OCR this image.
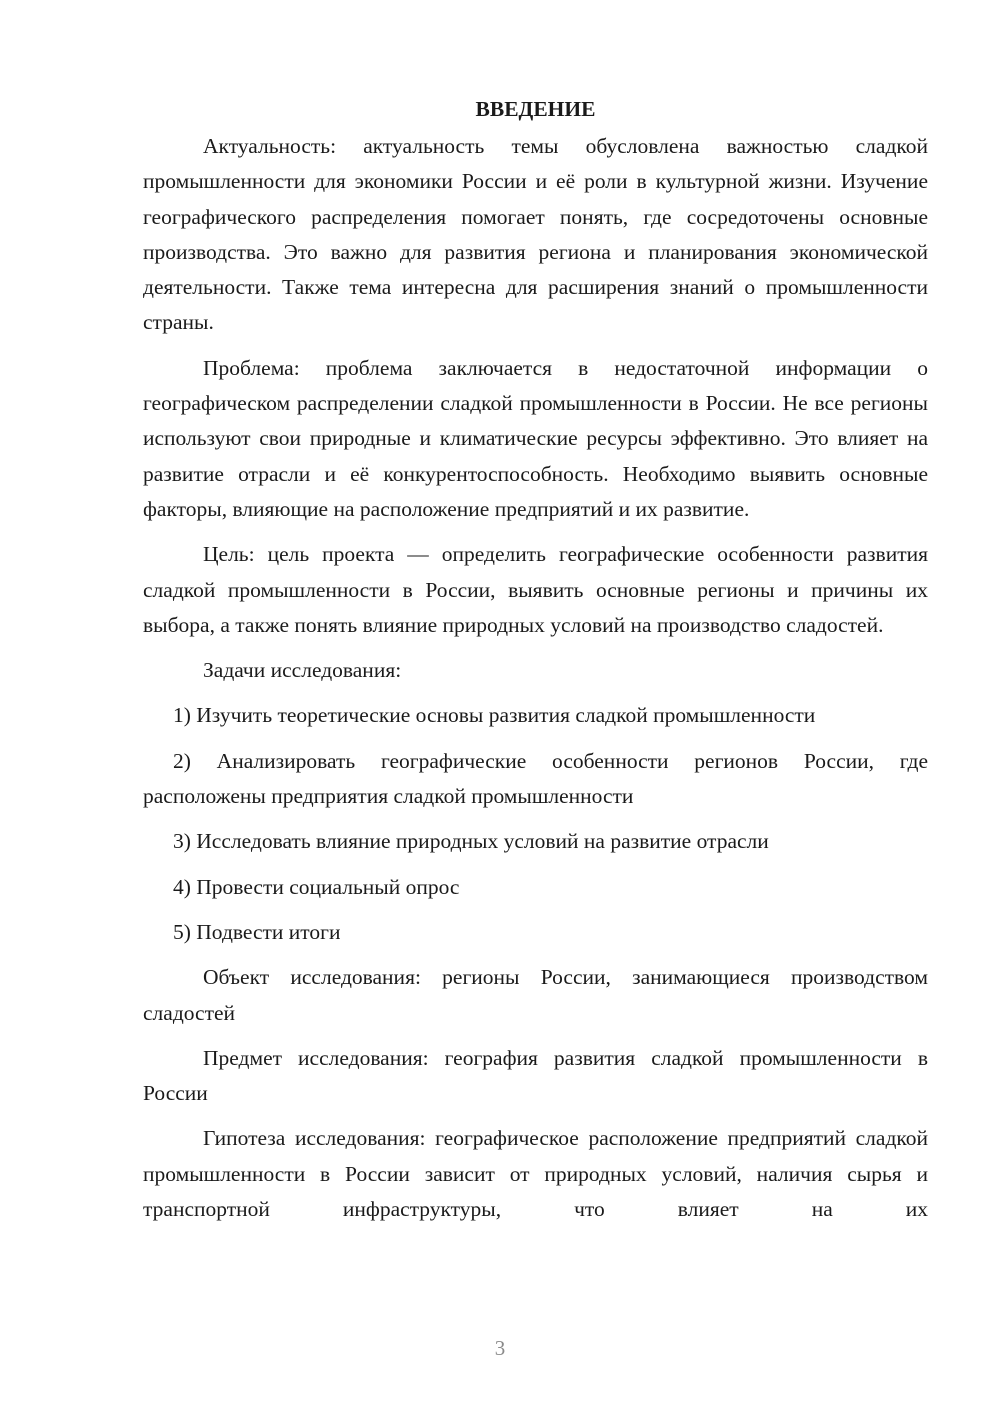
ВВЕДЕНИЕ

Актуальность: актуальность темы обусловлена важностью сладкой промышленности для экономики России и её роли в культурной жизни. Изучение географического распределения помогает понять, где сосредоточены основные производства. Это важно для развития региона и планирования экономической деятельности. Также тема интересна для расширения знаний о промышленности страны.

Проблема: проблема заключается в недостаточной информации о географическом распределении сладкой промышленности в России. Не все регионы используют свои природные и климатические ресурсы эффективно. Это влияет на развитие отрасли и её конкурентоспособность. Необходимо выявить основные факторы, влияющие на расположение предприятий и их развитие.

Цель: цель проекта — определить географические особенности развития сладкой промышленности в России, выявить основные регионы и причины их выбора, а также понять влияние природных условий на производство сладостей.

Задачи исследования:

1) Изучить теоретические основы развития сладкой промышленности

2) Анализировать географические особенности регионов России, где расположены предприятия сладкой промышленности

3) Исследовать влияние природных условий на развитие отрасли

4) Провести социальный опрос

5) Подвести итоги

Объект исследования: регионы России, занимающиеся производством сладостей

Предмет исследования: география развития сладкой промышленности в России

Гипотеза исследования: географическое расположение предприятий сладкой промышленности в России зависит от природных условий, наличия сырья и транспортной инфраструктуры, что влияет на их

3
